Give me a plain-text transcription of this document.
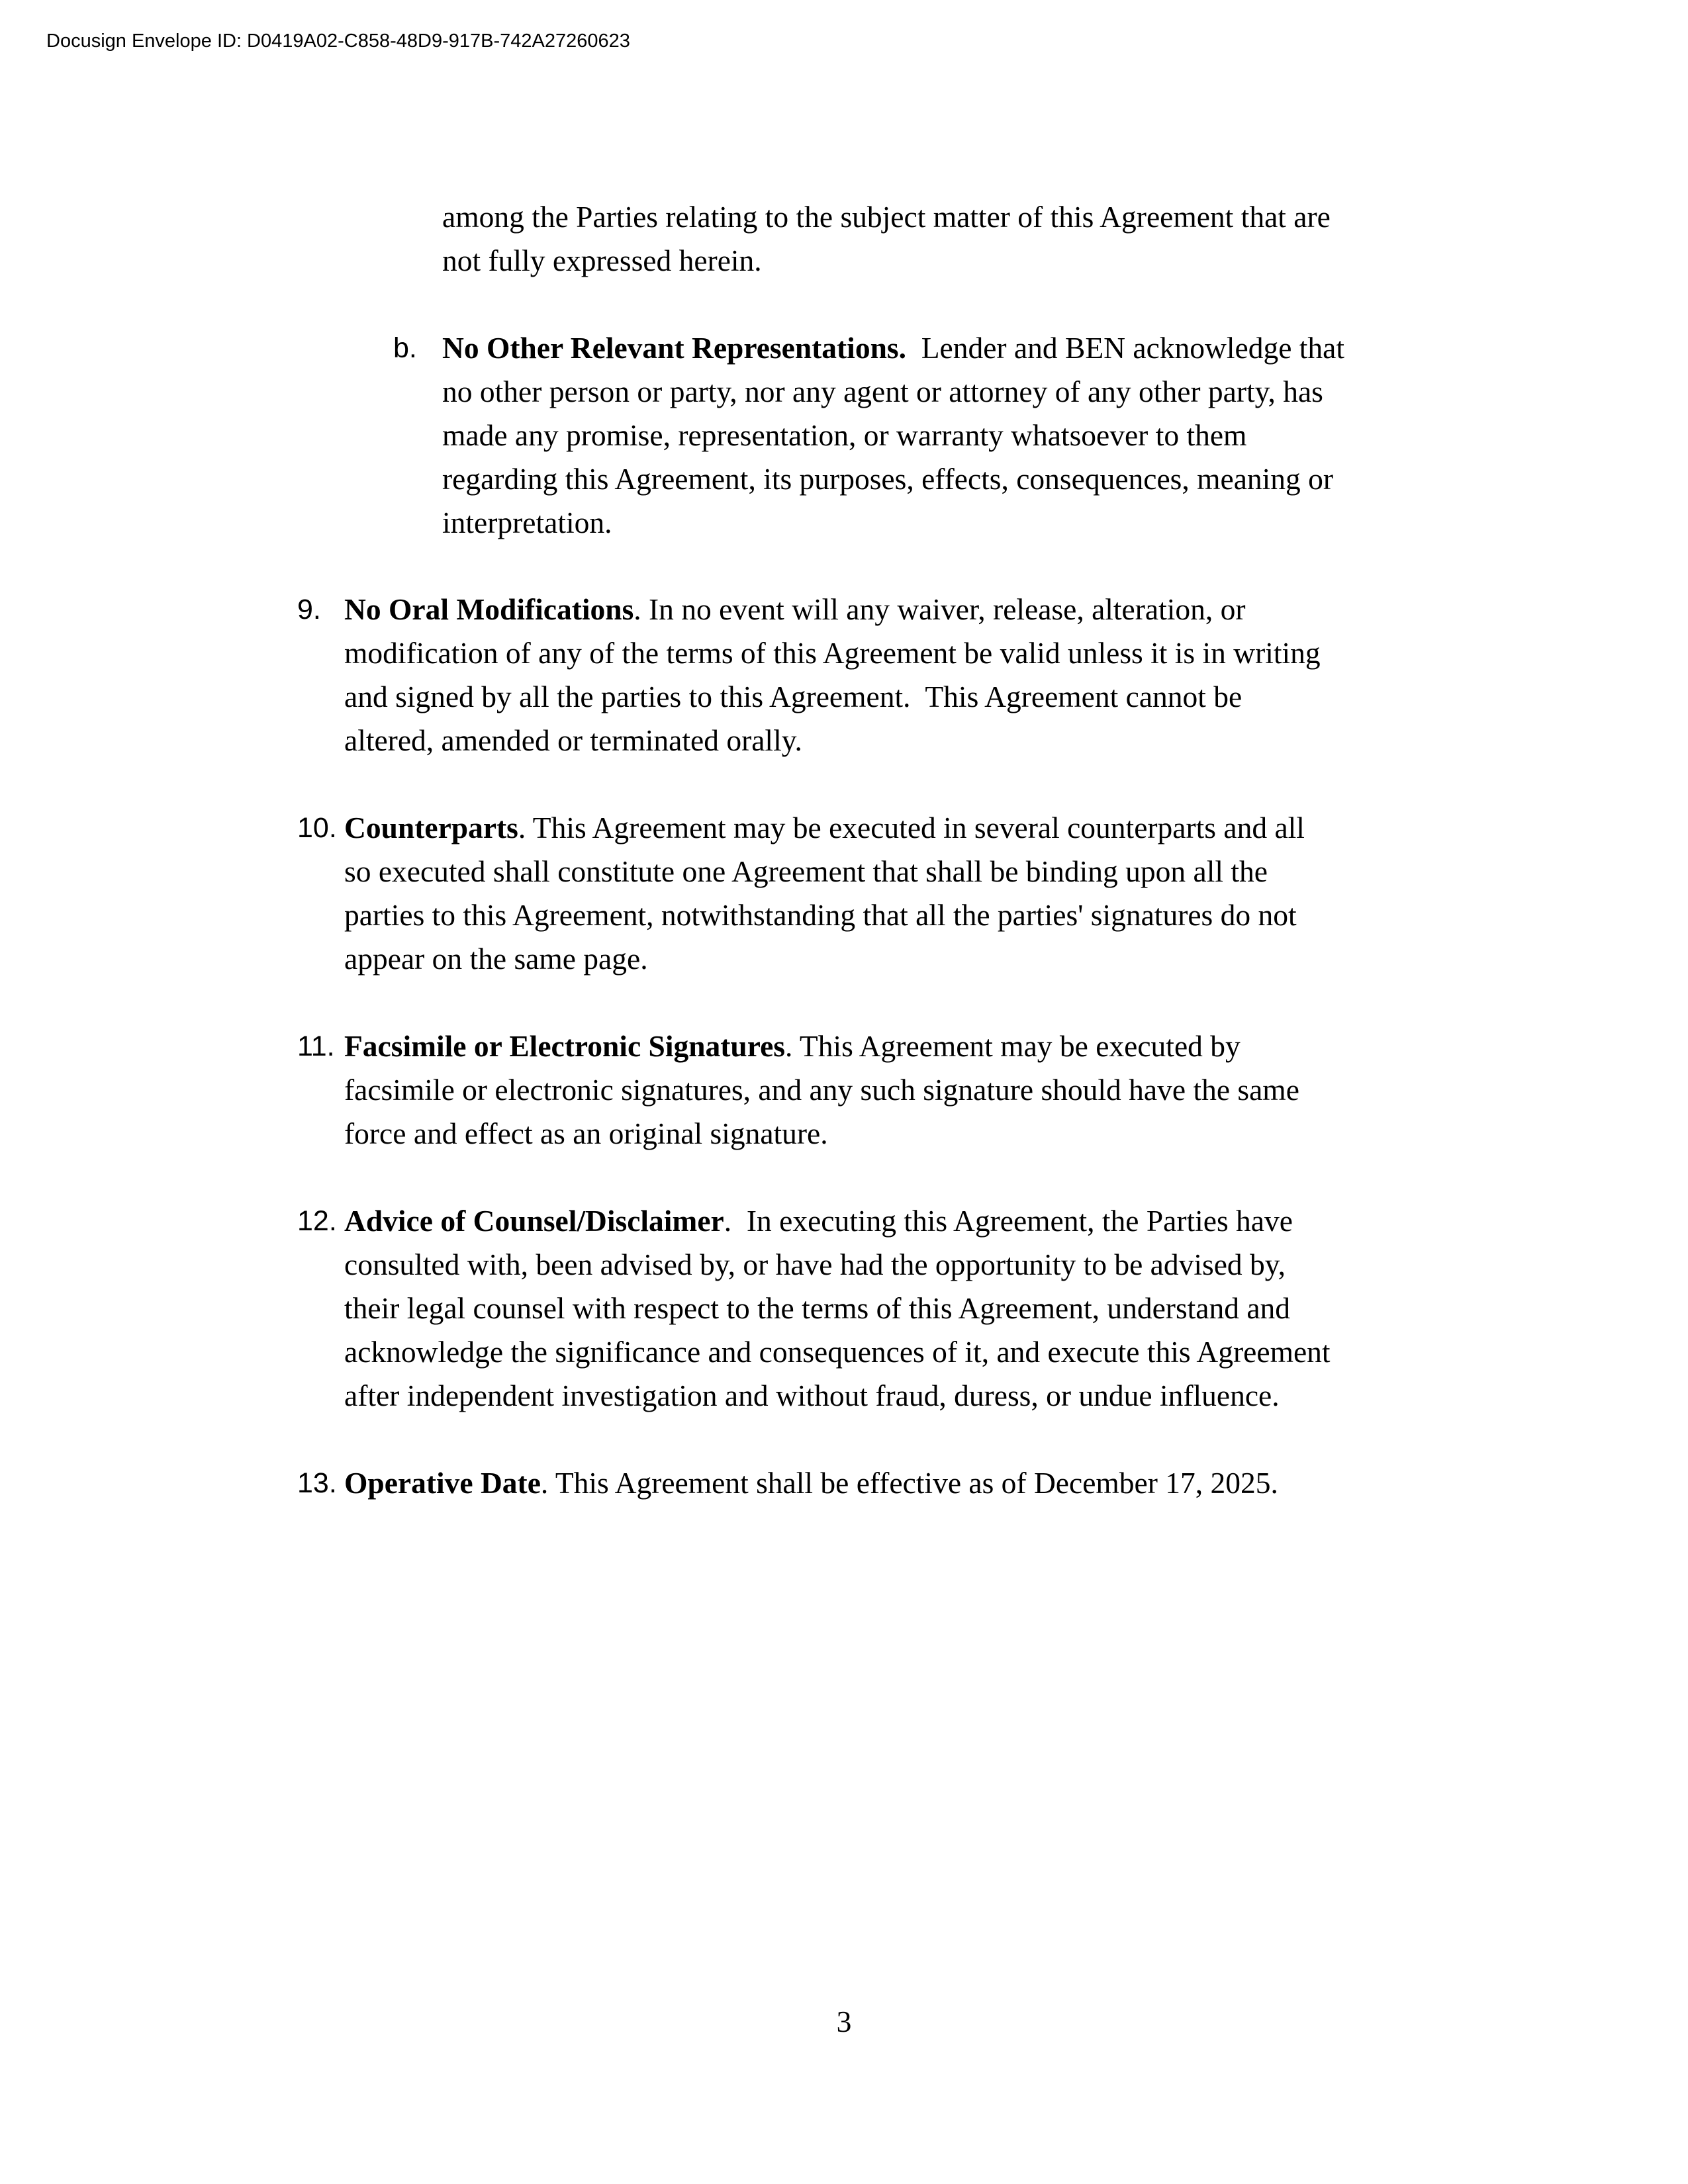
Docusign Envelope ID: D0419A02-C858-48D9-917B-742A27260623
among the Parties relating to the subject matter of this Agreement that are
not fully expressed herein.
b. No Other Relevant Representations.  Lender and BEN acknowledge that
no other person or party, nor any agent or attorney of any other party, has
made any promise, representation, or warranty whatsoever to them
regarding this Agreement, its purposes, effects, consequences, meaning or
interpretation.
9. No Oral Modifications. In no event will any waiver, release, alteration, or
modification of any of the terms of this Agreement be valid unless it is in writing
and signed by all the parties to this Agreement.  This Agreement cannot be
altered, amended or terminated orally.
10. Counterparts. This Agreement may be executed in several counterparts and all
so executed shall constitute one Agreement that shall be binding upon all the
parties to this Agreement, notwithstanding that all the parties' signatures do not
appear on the same page.
11. Facsimile or Electronic Signatures. This Agreement may be executed by
facsimile or electronic signatures, and any such signature should have the same
force and effect as an original signature.
12. Advice of Counsel/Disclaimer.  In executing this Agreement, the Parties have
consulted with, been advised by, or have had the opportunity to be advised by,
their legal counsel with respect to the terms of this Agreement, understand and
acknowledge the significance and consequences of it, and execute this Agreement
after independent investigation and without fraud, duress, or undue influence.
13. Operative Date. This Agreement shall be effective as of December 17, 2025.
3
